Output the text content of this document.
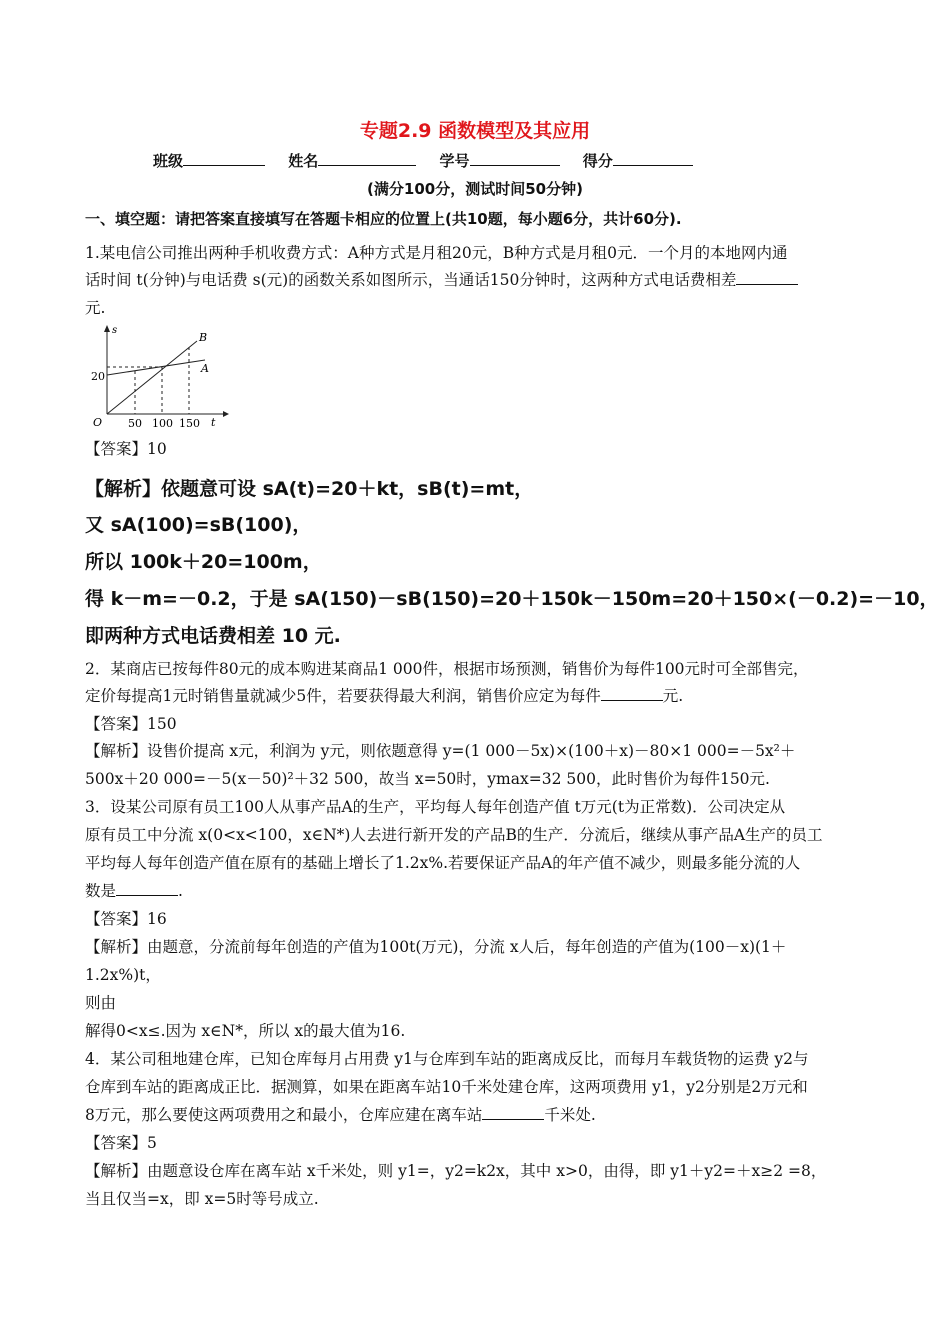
专题2.9 函数模型及其应用
班级	姓名	学号	得分
(满分100分，测试时间50分钟)
一、填空题：请把答案直接填写在答题卡相应的位置上(共10题，每小题6分，共计60分).
1.某电信公司推出两种手机收费方式：A种方式是月租20元，B种方式是月租0元．一个月的本地网内通
话时间 t(分钟)与电话费 s(元)的函数关系如图所示，当通话150分钟时，这两种方式电话费相差
元.
s
t
O
20
50 100 150
A
B
【答案】10
【解析】依题意可设 sA(t)=20＋kt，sB(t)=mt，
又 sA(100)=sB(100)，
所以 100k＋20=100m，
得 k－m=－0.2，于是 sA(150)－sB(150)=20＋150k－150m=20＋150×(－0.2)=－10，
即两种方式电话费相差 10 元.
2．某商店已按每件80元的成本购进某商品1 000件，根据市场预测，销售价为每件100元时可全部售完，
定价每提高1元时销售量就减少5件，若要获得最大利润，销售价应定为每件	元.
【答案】150
【解析】设售价提高 x元，利润为 y元，则依题意得 y=(1 000－5x)×(100＋x)－80×1 000=－5x²＋
500x＋20 000=－5(x－50)²＋32 500，故当 x=50时，ymax=32 500，此时售价为每件150元.
3．设某公司原有员工100人从事产品A的生产，平均每人每年创造产值 t万元(t为正常数)．公司决定从
原有员工中分流 x(0<x<100，x∈N*)人去进行新开发的产品B的生产．分流后，继续从事产品A生产的员工
平均每人每年创造产值在原有的基础上增长了1.2x%.若要保证产品A的年产值不减少，则最多能分流的人
数是	.
【答案】16
【解析】由题意，分流前每年创造的产值为100t(万元)，分流 x人后，每年创造的产值为(100－x)(1＋
1.2x%)t，
则由
解得0<x≤.因为 x∈N*，所以 x的最大值为16.
4．某公司租地建仓库，已知仓库每月占用费 y1与仓库到车站的距离成反比，而每月车载货物的运费 y2与
仓库到车站的距离成正比．据测算，如果在距离车站10千米处建仓库，这两项费用 y1，y2分别是2万元和
8万元，那么要使这两项费用之和最小，仓库应建在离车站	千米处.
【答案】5
【解析】由题意设仓库在离车站 x千米处，则 y1=，y2=k2x，其中 x>0，由得，即 y1＋y2=＋x≥2 =8，
当且仅当=x，即 x=5时等号成立.
